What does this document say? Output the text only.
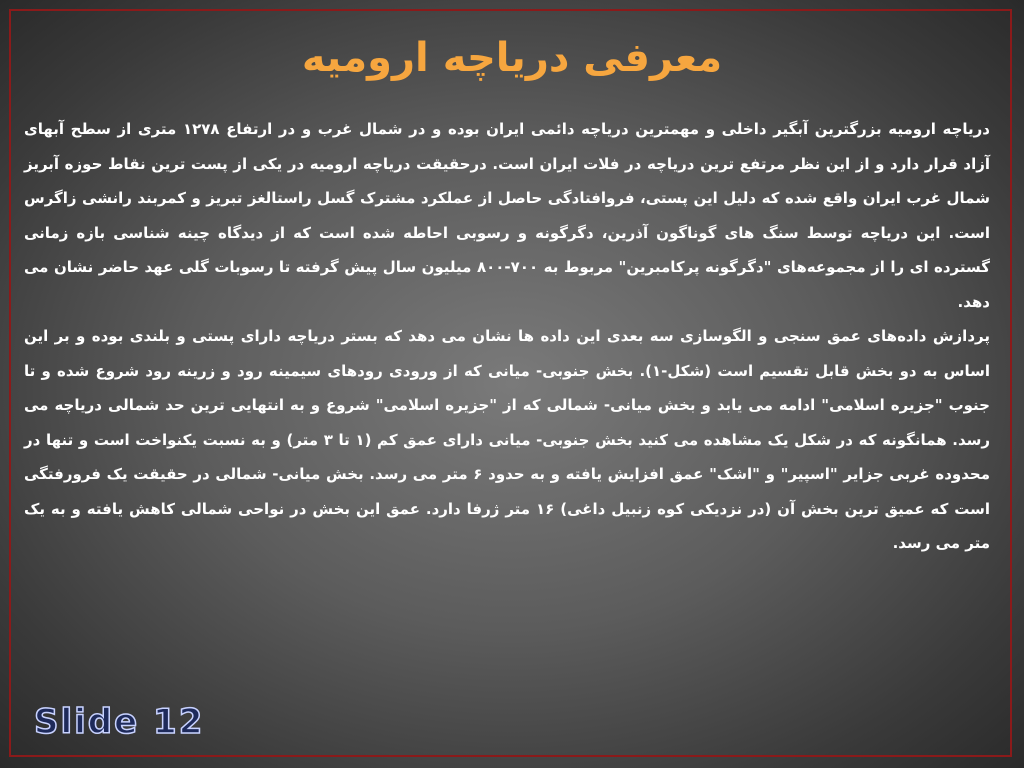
معرفی دریاچه ارومیه

دریاچه ارومیه بزرگترین آبگیر داخلی و مهمترین دریاچه دائمی ایران بوده و در شمال غرب و در ارتفاع ۱۲۷۸ متری از سطح آبهای آزاد قرار دارد و از این نظر مرتفع ترین دریاچه در فلات ایران است. درحقیقت دریاچه ارومیه در یکی از پست ترین نقاط حوزه آبریز شمال غرب ایران واقع شده که دلیل این پستی، فروافتادگی حاصل از عملکرد مشترک گسل راستالغز تبریز و کمربند رانشی زاگرس است. این دریاچه توسط سنگ های گوناگون آذرین، دگرگونه و رسوبی احاطه شده است که از دیدگاه چینه شناسی بازه زمانی گسترده ای را از مجموعه‌های "دگرگونه پرکامبرین" مربوط به ۷۰۰-۸۰۰ میلیون سال پیش گرفته تا رسوبات گلی عهد حاضر نشان می دهد.

پردازش داده‌های عمق سنجی و الگوسازی سه بعدی این داده ها نشان می دهد که بستر دریاچه دارای پستی و بلندی بوده و بر این اساس به دو بخش قابل تقسیم است (شکل-۱). بخش جنوبی- میانی که از ورودی رودهای سیمینه رود و زرینه رود شروع شده و تا جنوب "جزیره اسلامی" ادامه می یابد و بخش میانی- شمالی که از "جزیره اسلامی" شروع و به انتهایی ترین حد شمالی دریاچه می رسد. همانگونه که در شکل یک مشاهده می کنید بخش جنوبی- میانی دارای عمق کم (۱ تا ۳ متر) و به نسبت یکنواخت است و تنها در محدوده غربی جزایر "اسپیر" و "اشک" عمق افزایش یافته و به حدود ۶ متر می رسد. بخش میانی- شمالی در حقیقت یک فرورفتگی است که عمیق ترین بخش آن (در نزدیکی کوه زنبیل داغی) ۱۶ متر ژرفا دارد. عمق این بخش در نواحی شمالی کاهش یافته و به یک متر می رسد.

Slide 12
